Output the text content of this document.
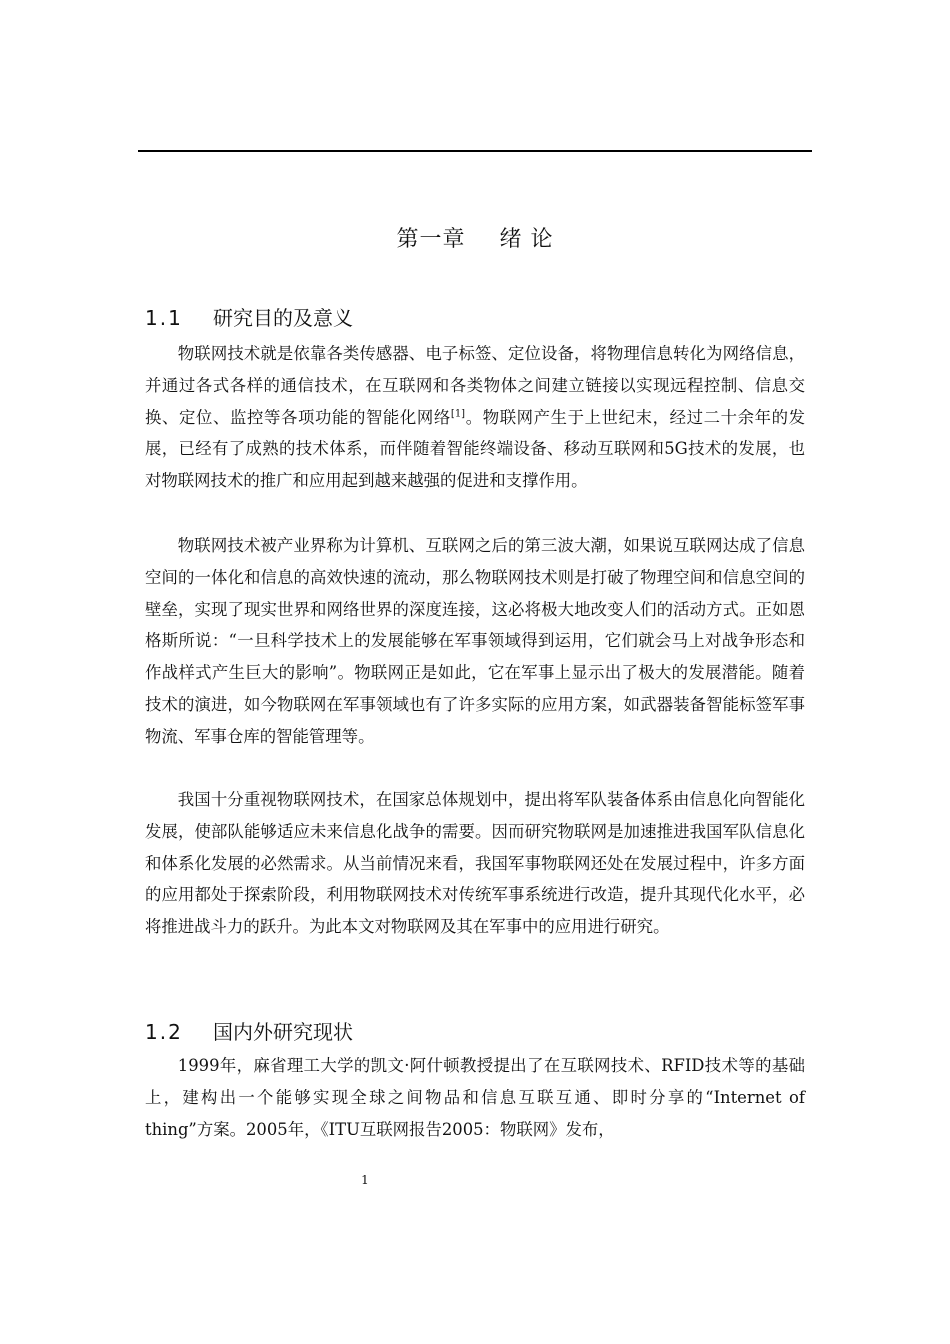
第一章 绪 论
1.1 研究目的及意义

物联网技术就是依靠各类传感器、电子标签、定位设备，将物理信息转化为网络信息，并通过各式各样的通信技术，在互联网和各类物体之间建立链接以实现远程控制、信息交换、定位、监控等各项功能的智能化网络[1]。物联网产生于上世纪末，经过二十余年的发展，已经有了成熟的技术体系，而伴随着智能终端设备、移动互联网和5G技术的发展，也对物联网技术的推广和应用起到越来越强的促进和支撑作用。

物联网技术被产业界称为计算机、互联网之后的第三波大潮，如果说互联网达成了信息空间的一体化和信息的高效快速的流动，那么物联网技术则是打破了物理空间和信息空间的壁垒，实现了现实世界和网络世界的深度连接，这必将极大地改变人们的活动方式。正如恩格斯所说：“一旦科学技术上的发展能够在军事领域得到运用，它们就会马上对战争形态和作战样式产生巨大的影响”。物联网正是如此，它在军事上显示出了极大的发展潜能。随着技术的演进，如今物联网在军事领域也有了许多实际的应用方案，如武器装备智能标签军事物流、军事仓库的智能管理等。

我国十分重视物联网技术，在国家总体规划中，提出将军队装备体系由信息化向智能化发展，使部队能够适应未来信息化战争的需要。因而研究物联网是加速推进我国军队信息化和体系化发展的必然需求。从当前情况来看，我国军事物联网还处在发展过程中，许多方面的应用都处于探索阶段，利用物联网技术对传统军事系统进行改造，提升其现代化水平，必将推进战斗力的跃升。为此本文对物联网及其在军事中的应用进行研究。

1.2 国内外研究现状

1999年，麻省理工大学的凯文·阿什顿教授提出了在互联网技术、RFID技术等的基础上，建构出一个能够实现全球之间物品和信息互联互通、即时分享的“Internet of thing”方案。2005年，《ITU互联网报告2005：物联网》发布，

1
